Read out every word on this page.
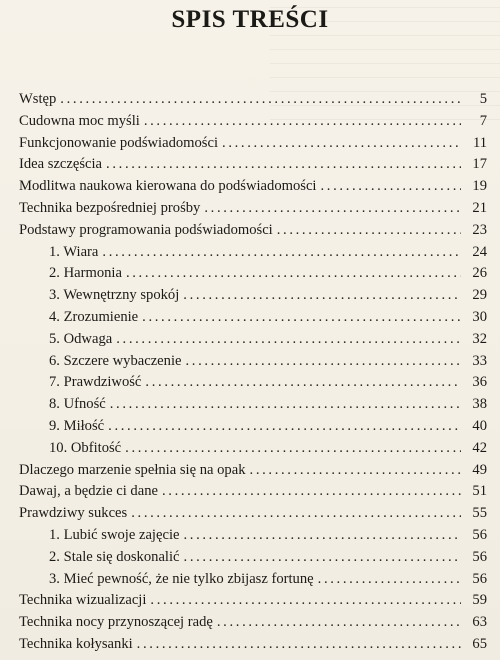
SPIS TREŚCI
Wstęp . . .	5
Cudowna moc myśli . . .	7
Funkcjonowanie podświadomości . . .	11
Idea szczęścia . . .	17
Modlitwa naukowa kierowana do podświadomości . . .	19
Technika bezpośredniej prośby . . .	21
Podstawy programowania podświadomości . . .	23
1. Wiara . . .	24
2. Harmonia . . .	26
3. Wewnętrzny spokój . . .	29
4. Zrozumienie . . .	30
5. Odwaga . . .	32
6. Szczere wybaczenie . . .	33
7. Prawdziwość . . .	36
8. Ufność . . .	38
9. Miłość . . .	40
10. Obfitość . . .	42
Dlaczego marzenie spełnia się na opak . . .	49
Dawaj, a będzie ci dane . . .	51
Prawdziwy sukces . . .	55
1. Lubić swoje zajęcie . . .	56
2. Stale się doskonalić . . .	56
3. Mieć pewność, że nie tylko zbijasz fortunę . . .	56
Technika wizualizacji . . .	59
Technika nocy przynoszącej radę . . .	63
Technika kołysanki . . .	65
